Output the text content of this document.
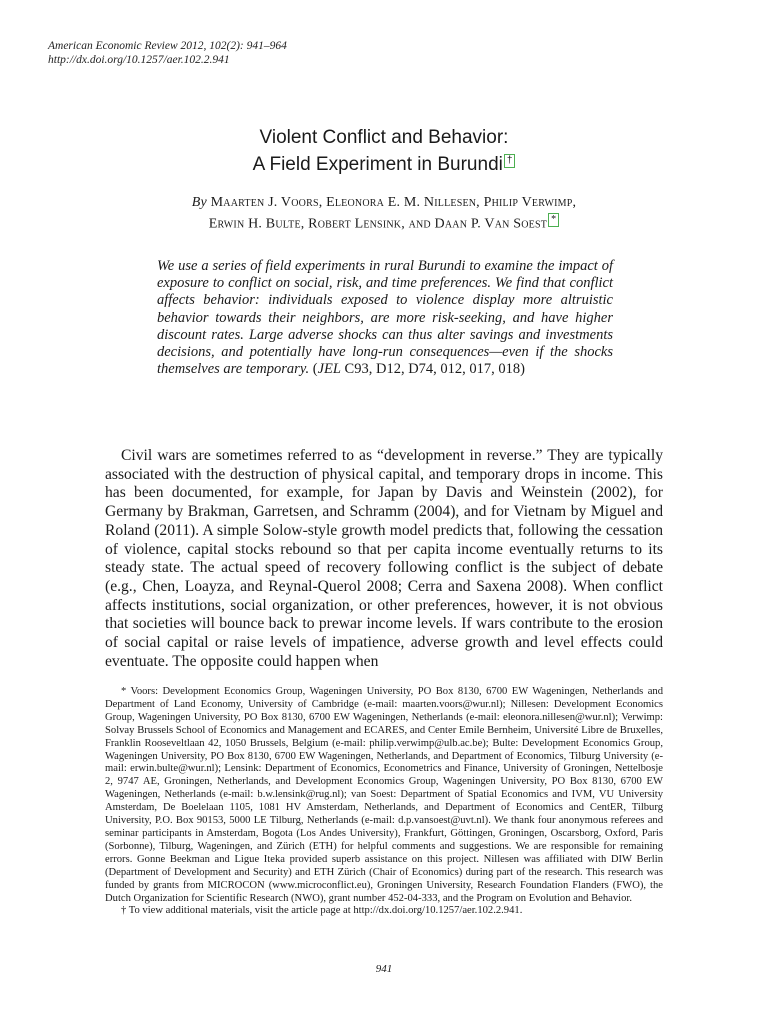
American Economic Review 2012, 102(2): 941–964
http://dx.doi.org/10.1257/aer.102.2.941
Violent Conflict and Behavior:
A Field Experiment in Burundi †
By Maarten J. Voors, Eleonora E. M. Nillesen, Philip Verwimp,
Erwin H. Bulte, Robert Lensink, and Daan P. Van Soest *
We use a series of field experiments in rural Burundi to examine the impact of exposure to conflict on social, risk, and time preferences. We find that conflict affects behavior: individuals exposed to violence display more altruistic behavior towards their neighbors, are more risk-seeking, and have higher discount rates. Large adverse shocks can thus alter savings and investments decisions, and potentially have long-run consequences—even if the shocks themselves are temporary. (JEL C93, D12, D74, 012, 017, 018)

Civil wars are sometimes referred to as “development in reverse.” They are typically associated with the destruction of physical capital, and temporary drops in income. This has been documented, for example, for Japan by Davis and Weinstein (2002), for Germany by Brakman, Garretsen, and Schramm (2004), and for Vietnam by Miguel and Roland (2011). A simple Solow-style growth model predicts that, following the cessation of violence, capital stocks rebound so that per capita income eventually returns to its steady state. The actual speed of recovery following conflict is the subject of debate (e.g., Chen, Loayza, and Reynal-Querol 2008; Cerra and Saxena 2008). When conflict affects institutions, social organization, or other preferences, however, it is not obvious that societies will bounce back to prewar income levels. If wars contribute to the erosion of social capital or raise levels of impatience, adverse growth and level effects could eventuate. The opposite could happen when

* Voors: Development Economics Group, Wageningen University, PO Box 8130, 6700 EW Wageningen, Netherlands and Department of Land Economy, University of Cambridge (e-mail: maarten.voors@wur.nl); Nillesen: Development Economics Group, Wageningen University, PO Box 8130, 6700 EW Wageningen, Netherlands (e-mail: eleonora.nillesen@wur.nl); Verwimp: Solvay Brussels School of Economics and Management and ECARES, and Center Emile Bernheim, Université Libre de Bruxelles, Franklin Rooseveltlaan 42, 1050 Brussels, Belgium (e-mail: philip.verwimp@ulb.ac.be); Bulte: Development Economics Group, Wageningen University, PO Box 8130, 6700 EW Wageningen, Netherlands, and Department of Economics, Tilburg University (e-mail: erwin.bulte@wur.nl); Lensink: Department of Economics, Econometrics and Finance, University of Groningen, Nettelbosje 2, 9747 AE, Groningen, Netherlands, and Development Economics Group, Wageningen University, PO Box 8130, 6700 EW Wageningen, Netherlands (e-mail: b.w.lensink@rug.nl); van Soest: Department of Spatial Economics and IVM, VU University Amsterdam, De Boelelaan 1105, 1081 HV Amsterdam, Netherlands, and Department of Economics and CentER, Tilburg University, P.O. Box 90153, 5000 LE Tilburg, Netherlands (e-mail: d.p.vansoest@uvt.nl). We thank four anonymous referees and seminar participants in Amsterdam, Bogota (Los Andes University), Frankfurt, Göttingen, Groningen, Oscarsborg, Oxford, Paris (Sorbonne), Tilburg, Wageningen, and Zürich (ETH) for helpful comments and suggestions. We are responsible for remaining errors. Gonne Beekman and Ligue Iteka provided superb assistance on this project. Nillesen was affiliated with DIW Berlin (Department of Development and Security) and ETH Zürich (Chair of Economics) during part of the research. This research was funded by grants from MICROCON (www.microconflict.eu), Groningen University, Research Foundation Flanders (FWO), the Dutch Organization for Scientific Research (NWO), grant number 452-04-333, and the Program on Evolution and Behavior.

† To view additional materials, visit the article page at http://dx.doi.org/10.1257/aer.102.2.941.

941
